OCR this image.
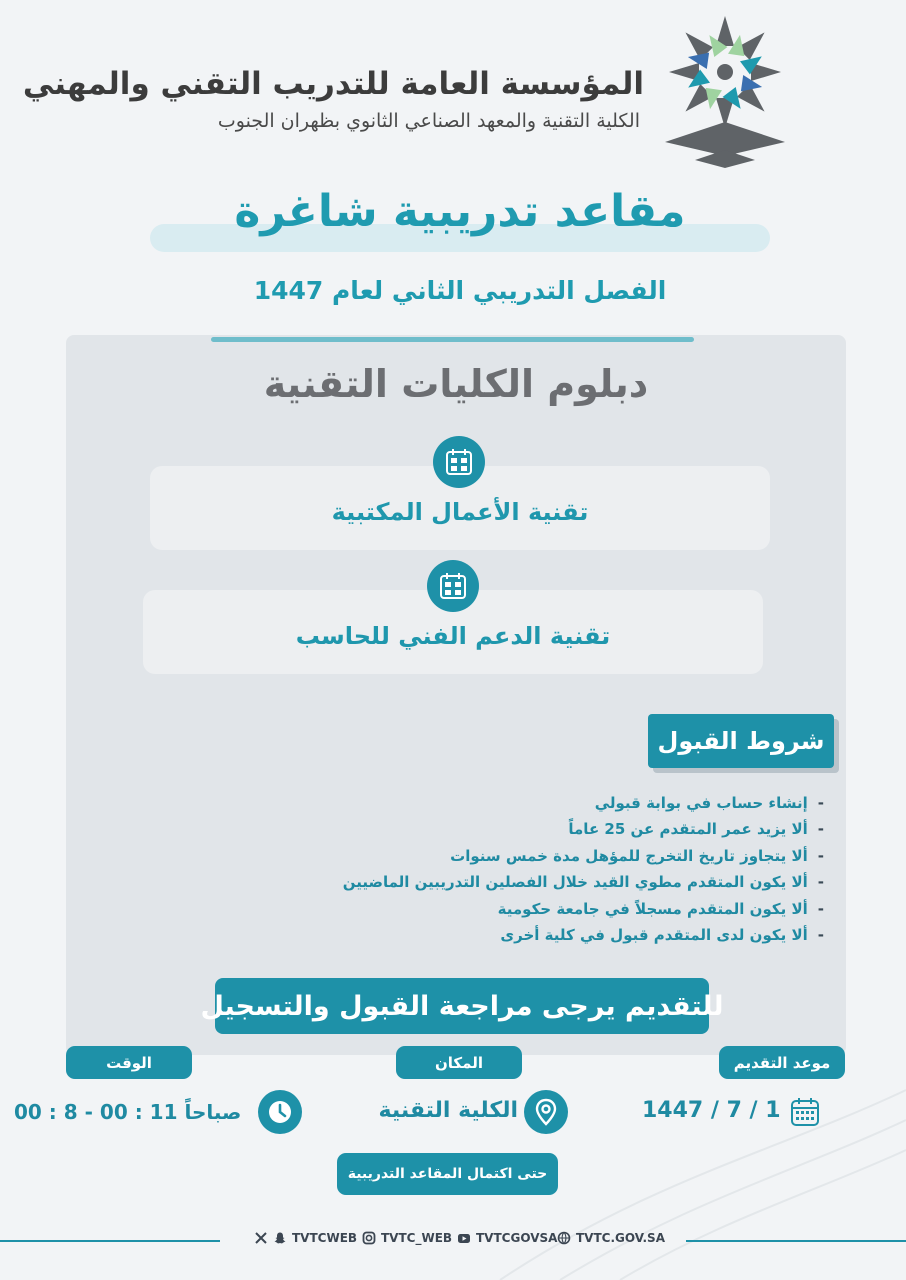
المؤسسة العامة للتدريب التقني والمهني
الكلية التقنية والمعهد الصناعي الثانوي بظهران الجنوب
مقاعد تدريبية شاغرة
الفصل التدريبي الثاني لعام 1447
دبلوم الكليات التقنية
تقنية الأعمال المكتبية
تقنية الدعم الفني للحاسب
شروط القبول
-إنشاء حساب في بوابة قبولي
-ألا يزيد عمر المتقدم عن 25 عاماً
-ألا يتجاوز تاريخ التخرج للمؤهل مدة خمس سنوات
-ألا يكون المتقدم مطوي القيد خلال الفصلين التدريبين الماضيين
-ألا يكون المتقدم مسجلاً في جامعة حكومية
-ألا يكون لدى المتقدم قبول في كلية أخرى
للتقديم يرجى مراجعة القبول والتسجيل
موعد التقديم
المكان
الوقت
1447 / 7 / 1
الكلية التقنية
00 : 8 - 00 : 11 صباحاً
حتى اكتمال المقاعد التدريبية
TVTCWEB TVTC_WEB TVTCGOVSA TVTC.GOV.SA
